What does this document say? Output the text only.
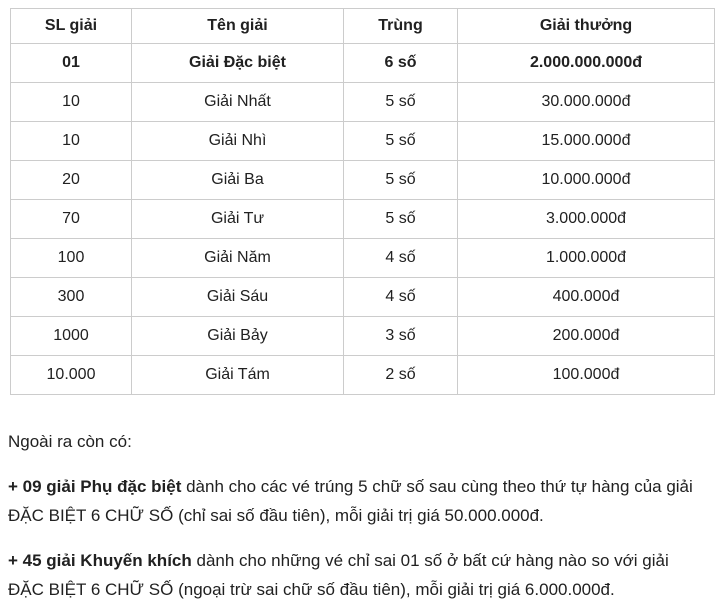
SL giải	Tên giải	Trùng	Giải thưởng
01	Giải Đặc biệt	6 số	2.000.000.000đ
10	Giải Nhất	5 số	30.000.000đ
10	Giải Nhì	5 số	15.000.000đ
20	Giải Ba	5 số	10.000.000đ
70	Giải Tư	5 số	3.000.000đ
100	Giải Năm	4 số	1.000.000đ
300	Giải Sáu	4 số	400.000đ
1000	Giải Bảy	3 số	200.000đ
10.000	Giải Tám	2 số	100.000đ

Ngoài ra còn có:

+ 09 giải Phụ đặc biệt dành cho các vé trúng 5 chữ số sau cùng theo thứ tự hàng của giải ĐẶC BIỆT 6 CHỮ SỐ (chỉ sai số đầu tiên), mỗi giải trị giá 50.000.000đ.

+ 45 giải Khuyến khích dành cho những vé chỉ sai 01 số ở bất cứ hàng nào so với giải ĐẶC BIỆT 6 CHỮ SỐ (ngoại trừ sai chữ số đầu tiên), mỗi giải trị giá 6.000.000đ.
